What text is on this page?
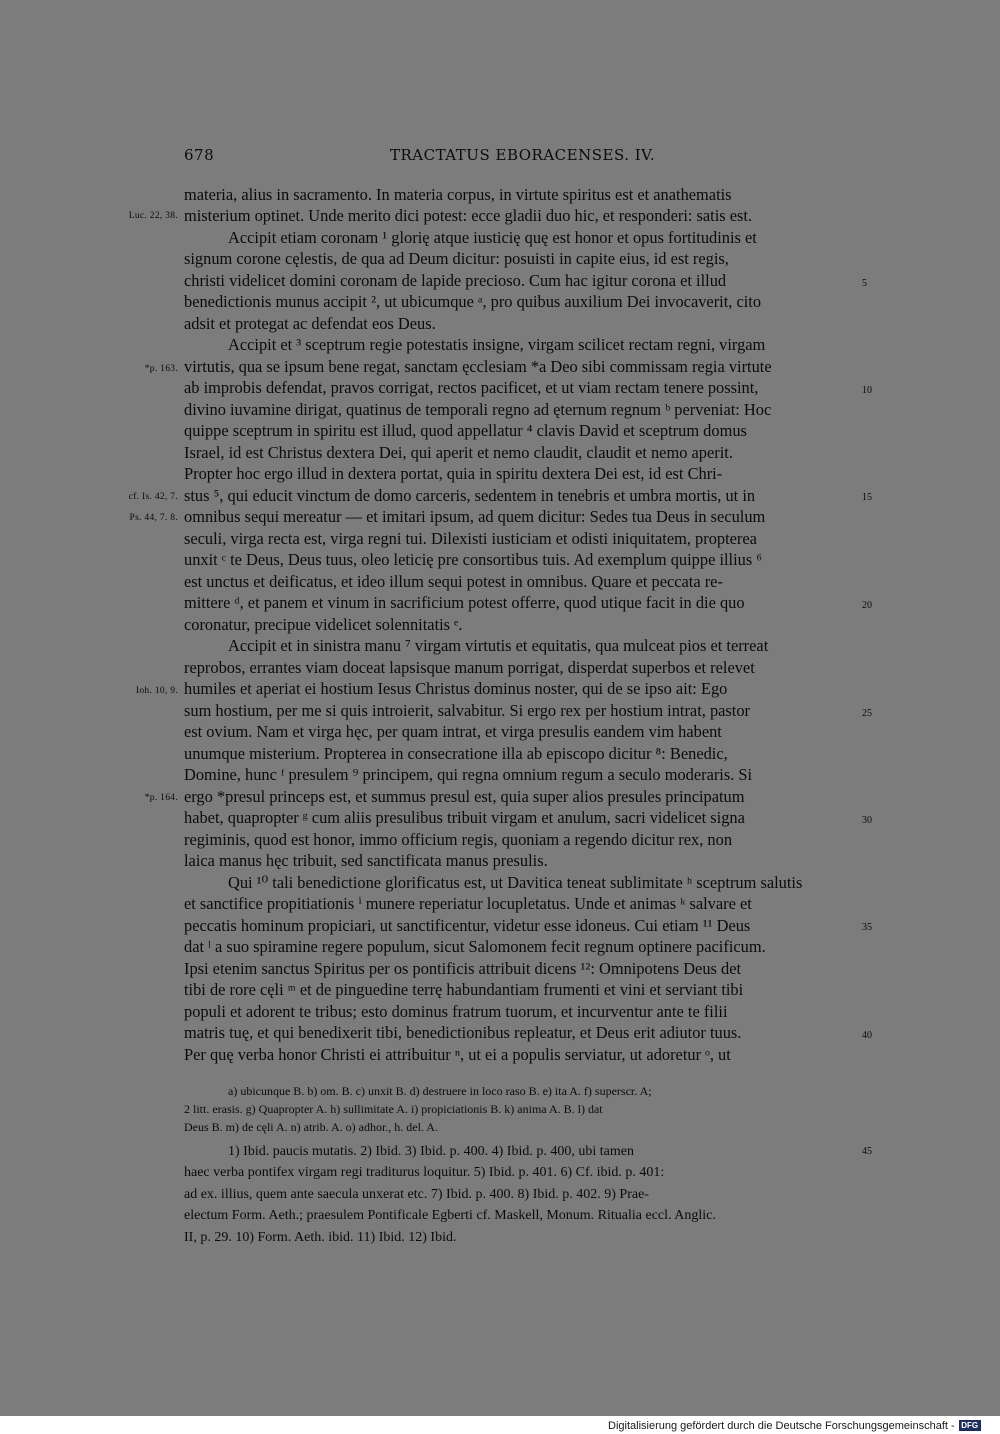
678	TRACTATUS EBORACENSES. IV.
materia, alius in sacramento. In materia corpus, in virtute spiritus est et anathematis
misterium optinet. Unde merito dici potest: ecce gladii duo hic, et responderi: satis est.
Accipit etiam coronam ¹ glorię atque iusticię quę est honor et opus fortitudinis et
signum corone cęlestis, de qua ad Deum dicitur: posuisti in capite eius, id est regis,
christi videlicet domini coronam de lapide precioso. Cum hac igitur corona et illud
benedictionis munus accipit ², ut ubicumque ᵃ, pro quibus auxilium Dei invocaverit, cito
adsit et protegat ac defendat eos Deus.
Accipit et ³ sceptrum regie potestatis insigne, virgam scilicet rectam regni, virgam
virtutis, qua se ipsum bene regat, sanctam ęcclesiam *a Deo sibi commissam regia virtute
ab improbis defendat, pravos corrigat, rectos pacificet, et ut viam rectam tenere possint,
divino iuvamine dirigat, quatinus de temporali regno ad ęternum regnum ᵇ perveniat: Hoc
quippe sceptrum in spiritu est illud, quod appellatur ⁴ clavis David et sceptrum domus
Israel, id est Christus dextera Dei, qui aperit et nemo claudit, claudit et nemo aperit.
Propter hoc ergo illud in dextera portat, quia in spiritu dextera Dei est, id est Chri-
stus ⁵, qui educit vinctum de domo carceris, sedentem in tenebris et umbra mortis, ut in
omnibus sequi mereatur — et imitari ipsum, ad quem dicitur: Sedes tua Deus in seculum
seculi, virga recta est, virga regni tui. Dilexisti iusticiam et odisti iniquitatem, propterea
unxit ᶜ te Deus, Deus tuus, oleo leticię pre consortibus tuis. Ad exemplum quippe illius ⁶
est unctus et deificatus, et ideo illum sequi potest in omnibus. Quare et peccata re-
mittere ᵈ, et panem et vinum in sacrificium potest offerre, quod utique facit in die quo
coronatur, precipue videlicet solennitatis ᵉ.
Accipit et in sinistra manu ⁷ virgam virtutis et equitatis, qua mulceat pios et terreat
reprobos, errantes viam doceat lapsisque manum porrigat, disperdat superbos et relevet
humiles et aperiat ei hostium Iesus Christus dominus noster, qui de se ipso ait: Ego
sum hostium, per me si quis introierit, salvabitur. Si ergo rex per hostium intrat, pastor
est ovium. Nam et virga hęc, per quam intrat, et virga presulis eandem vim habent
unumque misterium. Propterea in consecratione illa ab episcopo dicitur ⁸: Benedic,
Domine, hunc ᶠ presulem ⁹ principem, qui regna omnium regum a seculo moderaris. Si
ergo *presul princeps est, et summus presul est, quia super alios presules principatum
habet, quapropter ᵍ cum aliis presulibus tribuit virgam et anulum, sacri videlicet signa
regiminis, quod est honor, immo officium regis, quoniam a regendo dicitur rex, non
laica manus hęc tribuit, sed sanctificata manus presulis.
Qui ¹⁰ tali benedictione glorificatus est, ut Davitica teneat sublimitate ʰ sceptrum salutis
et sanctifice propitiationis ⁱ munere reperiatur locupletatus. Unde et animas ᵏ salvare et
peccatis hominum propiciari, ut sanctificentur, videtur esse idoneus. Cui etiam ¹¹ Deus
dat ˡ a suo spiramine regere populum, sicut Salomonem fecit regnum optinere pacificum.
Ipsi etenim sanctus Spiritus per os pontificis attribuit dicens ¹²: Omnipotens Deus det
tibi de rore cęli ᵐ et de pinguedine terrę habundantiam frumenti et vini et serviant tibi
populi et adorent te tribus; esto dominus fratrum tuorum, et incurventur ante te filii
matris tuę, et qui benedixerit tibi, benedictionibus repleatur, et Deus erit adiutor tuus.
Per quę verba honor Christi ei attribuitur ⁿ, ut ei a populis serviatur, ut adoretur ᵒ, ut
Luc. 22, 38.
*p. 163.
cf. Is. 42, 7.
Ps. 44, 7. 8.
Ioh. 10, 9.
*p. 164.
5
10
15
20
25
30
35
40
45
a) ubicunque B. b) om. B. c) unxit B. d) destruere in loco raso B. e) ita A. f) superscr. A;
2 litt. erasis. g) Quapropter A. h) sullimitate A. i) propiciationis B. k) anima A. B. l) dat
Deus B. m) de cęli A. n) atrib. A. o) adhor., h. del. A.
1) Ibid. paucis mutatis. 2) Ibid. 3) Ibid. p. 400. 4) Ibid. p. 400, ubi tamen
haec verba pontifex virgam regi traditurus loquitur. 5) Ibid. p. 401. 6) Cf. ibid. p. 401:
ad ex. illius, quem ante saecula unxerat etc. 7) Ibid. p. 400. 8) Ibid. p. 402. 9) Prae-
electum Form. Aeth.; praesulem Pontificale Egberti cf. Maskell, Monum. Ritualia eccl. Anglic.
II, p. 29. 10) Form. Aeth. ibid. 11) Ibid. 12) Ibid.
Digitalisierung gefördert durch die Deutsche Forschungsgemeinschaft - DFG
